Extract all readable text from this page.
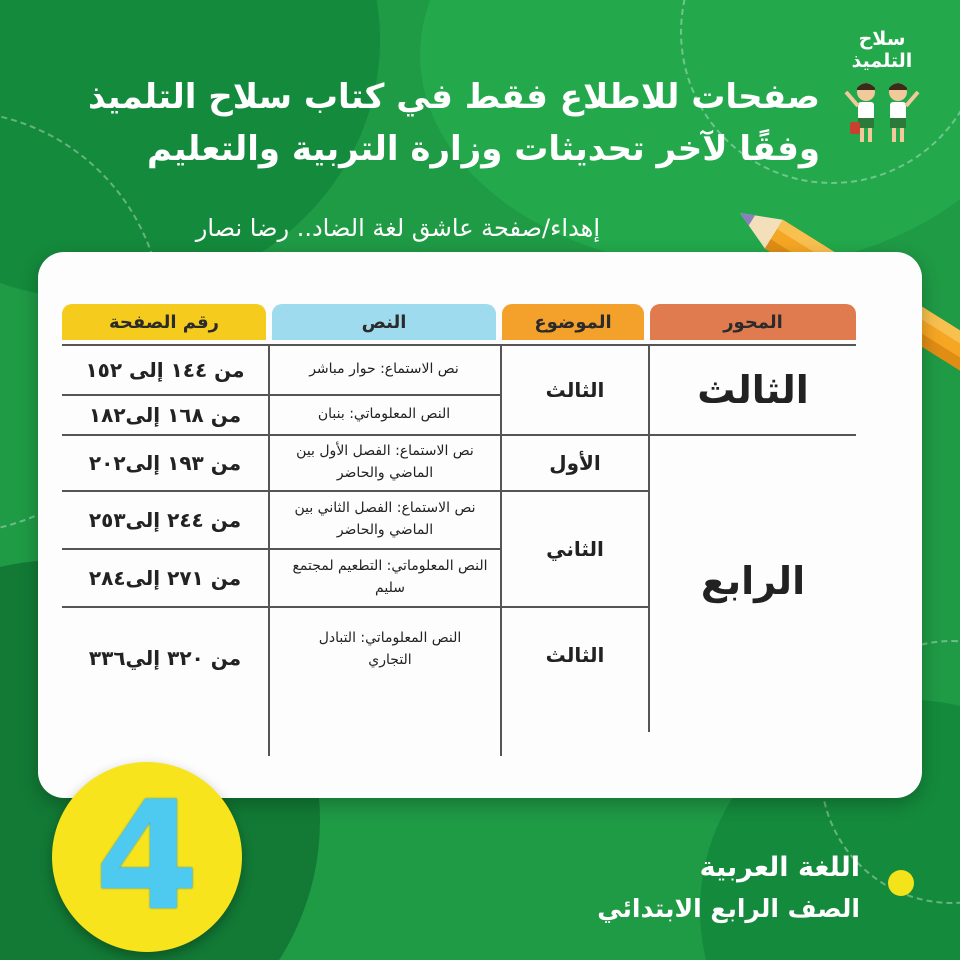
سلاح التلميذ
صفحات للاطلاع فقط في كتاب سلاح التلميذ
وفقًا لآخر تحديثات وزارة التربية والتعليم
إهداء/صفحة عاشق لغة الضاد.. رضا نصار
المحور
الموضوع
النص
رقم الصفحة
الثالث
الرابع
الثالث
الأول
الثاني
الثالث
نص الاستماع: حوار مباشر
النص المعلوماتي: بنبان
نص الاستماع: الفصل الأول بين الماضي والحاضر
نص الاستماع: الفصل الثاني بين الماضي والحاضر
النص المعلوماتي: التطعيم لمجتمع سليم
النص المعلوماتي: التبادل التجاري
من ١٤٤ إلى ١٥٢
من ١٦٨ إلى١٨٢
من ١٩٣ إلى٢٠٢
من ٢٤٤ إلى٢٥٣
من ٢٧١ إلى٢٨٤
من ٣٢٠ إلي٣٣٦
4	اللغة العربية
الصف الرابع الابتدائي
